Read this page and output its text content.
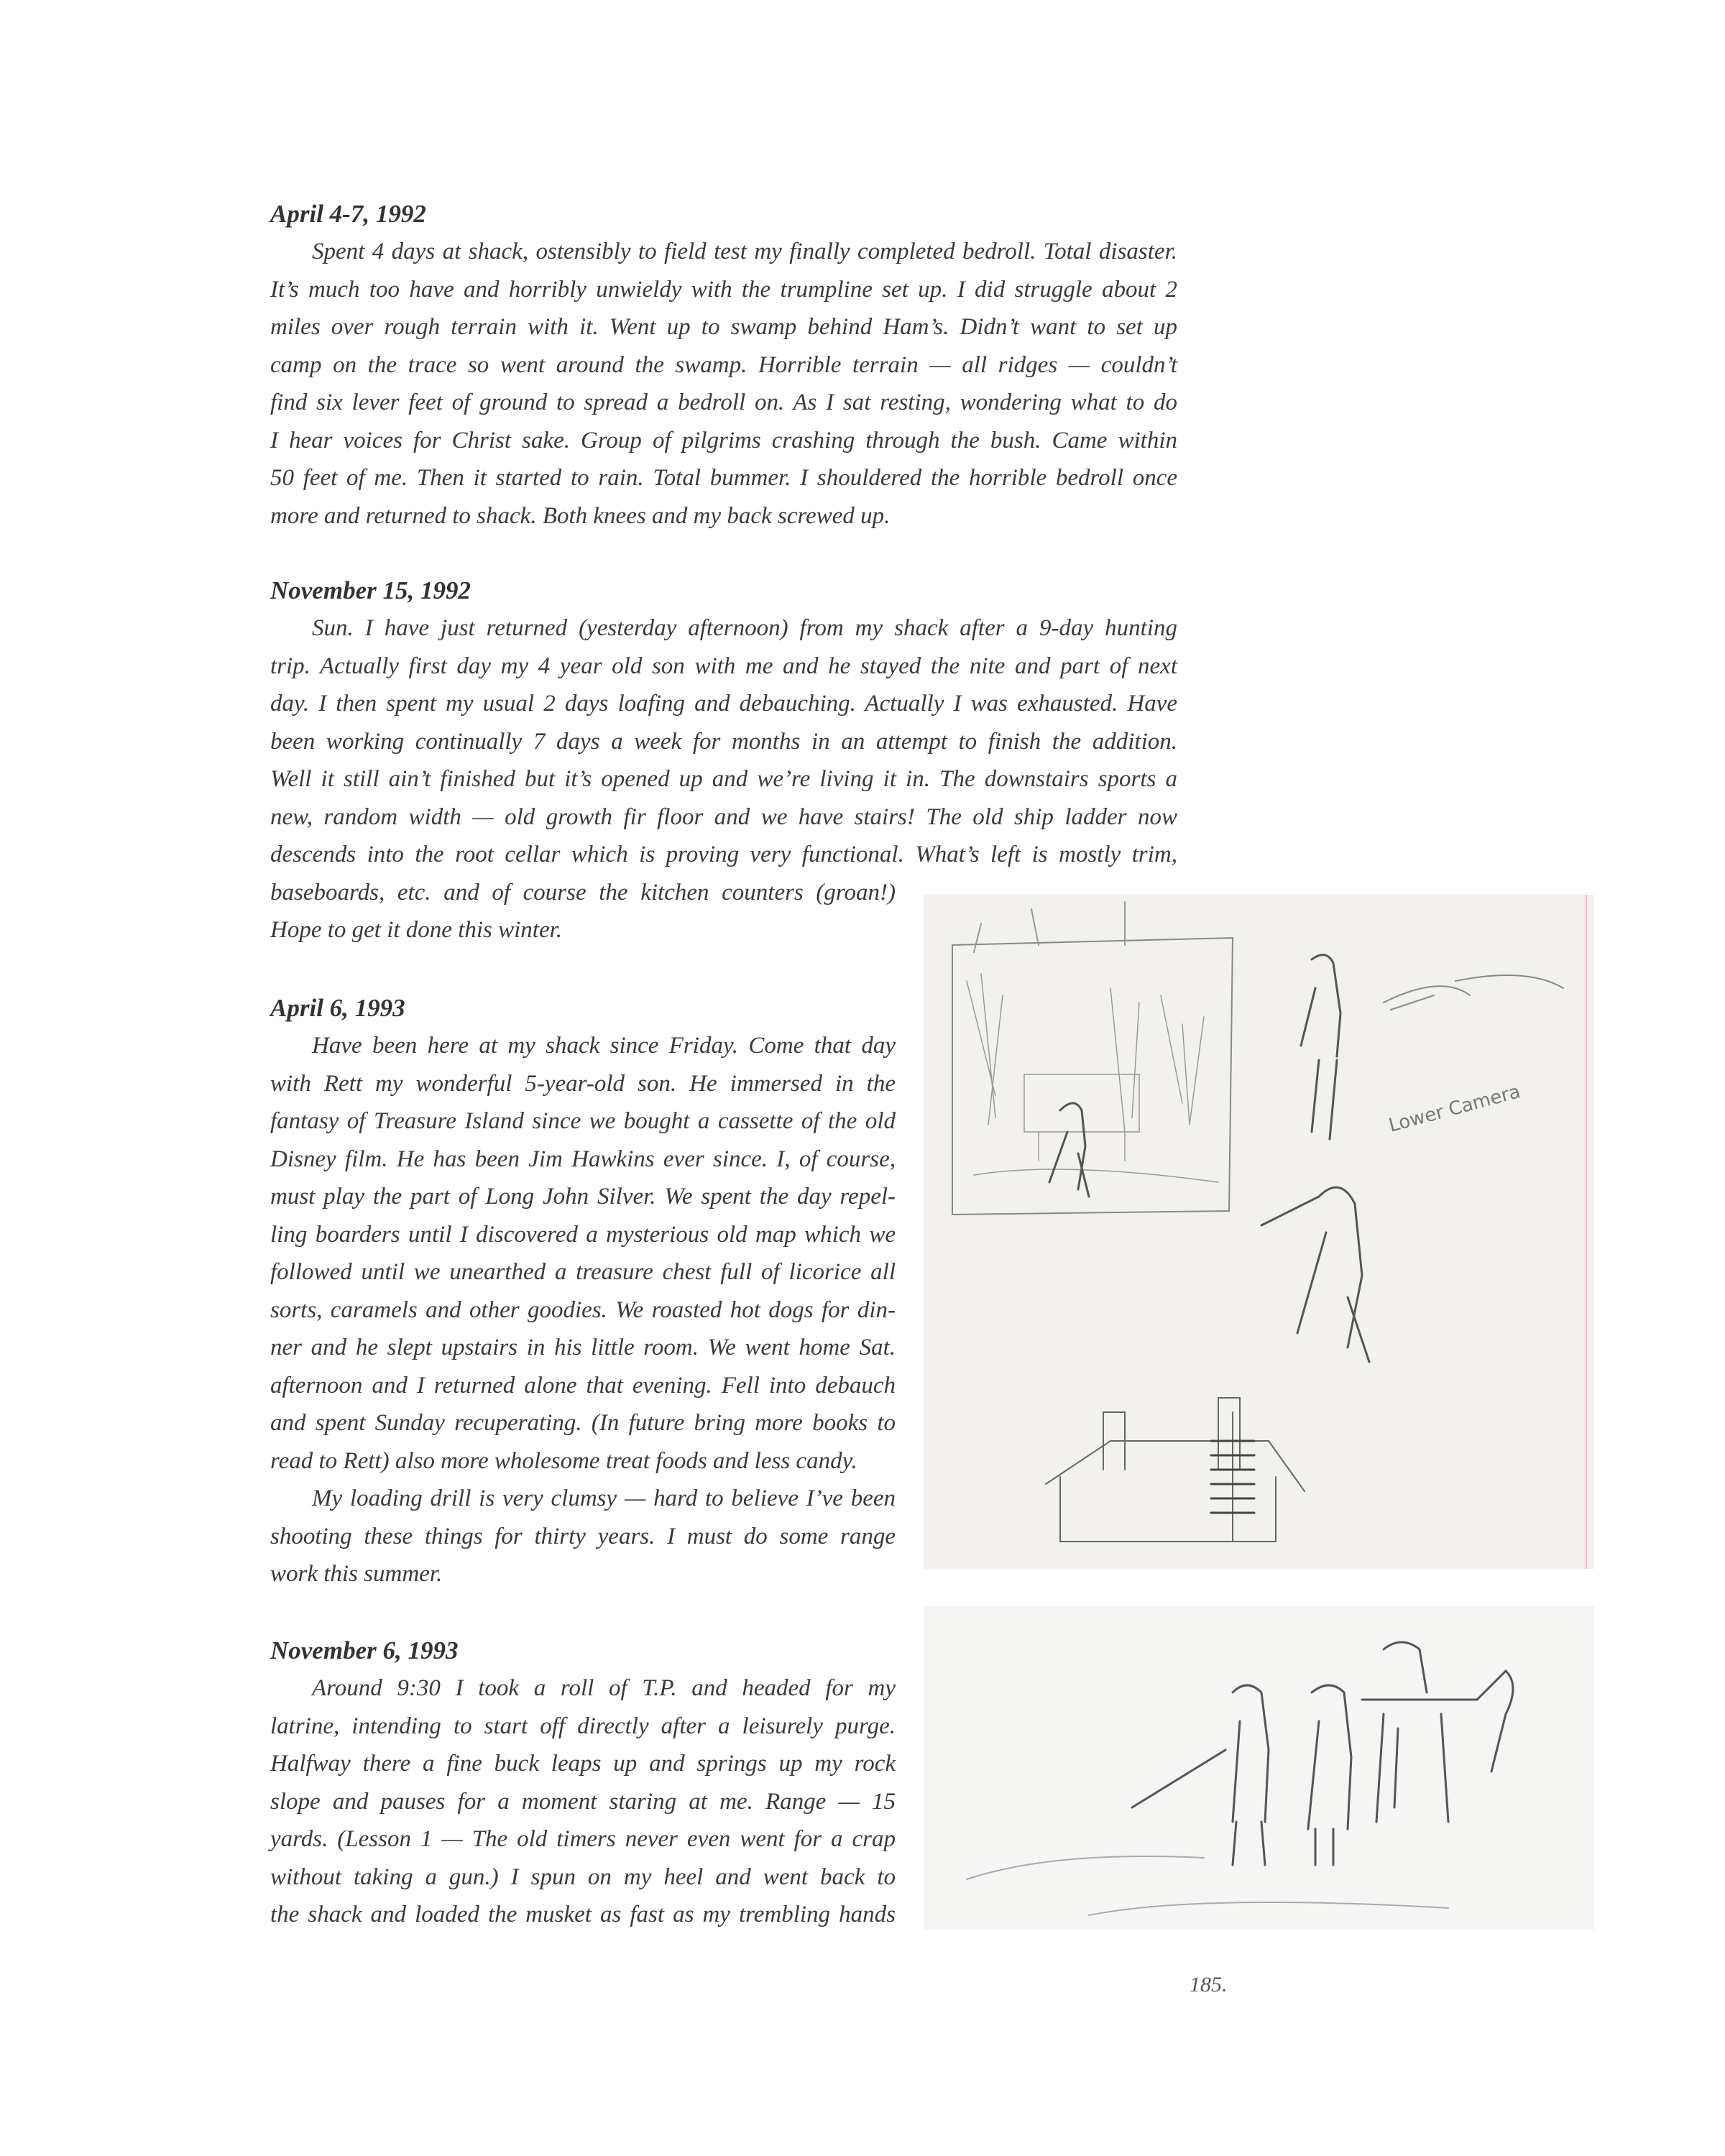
April 4-7, 1992
Spent 4 days at shack, ostensibly to field test my finally completed bedroll. Total disaster.
It’s much too have and horribly unwieldy with the trumpline set up. I did struggle about 2
miles over rough terrain with it. Went up to swamp behind Ham’s. Didn’t want to set up
camp on the trace so went around the swamp. Horrible terrain — all ridges — couldn’t
find six lever feet of ground to spread a bedroll on. As I sat resting, wondering what to do
I hear voices for Christ sake. Group of pilgrims crashing through the bush. Came within
50 feet of me. Then it started to rain. Total bummer. I shouldered the horrible bedroll once
more and returned to shack. Both knees and my back screwed up.
November 15, 1992
Sun. I have just returned (yesterday afternoon) from my shack after a 9-day hunting
trip. Actually first day my 4 year old son with me and he stayed the nite and part of next
day. I then spent my usual 2 days loafing and debauching. Actually I was exhausted. Have
been working continually 7 days a week for months in an attempt to finish the addition.
Well it still ain’t finished but it’s opened up and we’re living it in. The downstairs sports a
new, random width — old growth fir floor and we have stairs! The old ship ladder now
descends into the root cellar which is proving very functional. What’s left is mostly trim,
baseboards, etc. and of course the kitchen counters (groan!)
Hope to get it done this winter.
April 6, 1993
Have been here at my shack since Friday. Come that day
with Rett my wonderful 5-year-old son. He immersed in the
fantasy of Treasure Island since we bought a cassette of the old
Disney film. He has been Jim Hawkins ever since. I, of course,
must play the part of Long John Silver. We spent the day repel-
ling boarders until I discovered a mysterious old map which we
followed until we unearthed a treasure chest full of licorice all
sorts, caramels and other goodies. We roasted hot dogs for din-
ner and he slept upstairs in his little room. We went home Sat.
afternoon and I returned alone that evening. Fell into debauch
and spent Sunday recuperating. (In future bring more books to
read to Rett) also more wholesome treat foods and less candy.
My loading drill is very clumsy — hard to believe I’ve been
shooting these things for thirty years. I must do some range
work this summer.
November 6, 1993
Around 9:30 I took a roll of T.P. and headed for my
latrine, intending to start off directly after a leisurely purge.
Halfway there a fine buck leaps up and springs up my rock
slope and pauses for a moment staring at me. Range — 15
yards. (Lesson 1 — The old timers never even went for a crap
without taking a gun.) I spun on my heel and went back to
the shack and loaded the musket as fast as my trembling hands
Lower Camera
185.
